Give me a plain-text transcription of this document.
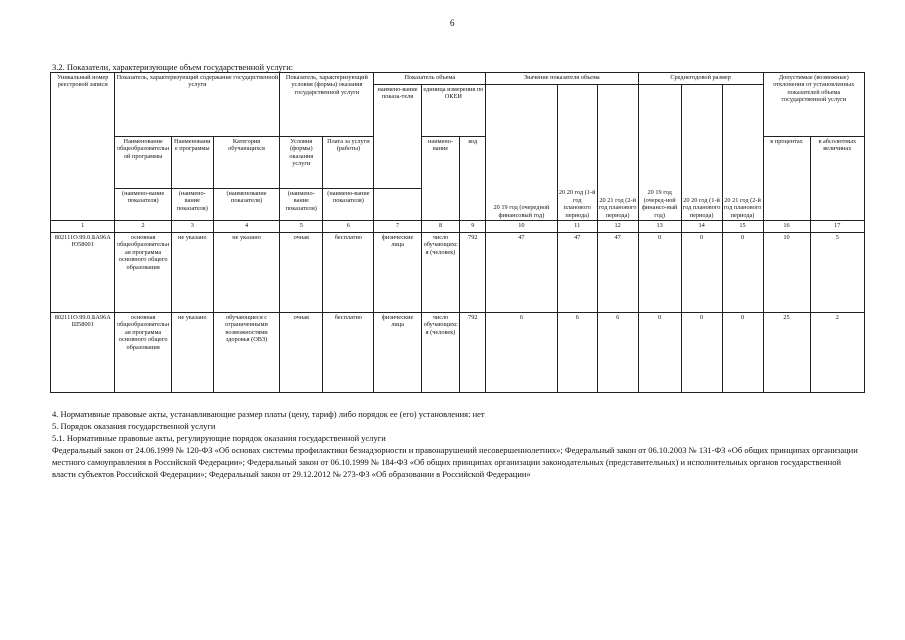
6
3.2. Показатели, характеризующие объем государственной услуги:
Уникальный номер реестровой записи	Показатель, характеризующий содержание государственной услуги			Показатель, характеризующий условия (формы) оказания государственной услуги		Показатель объема			Значение показателя объема			Среднегодовой размер			Допустимые (возможные) отклонения от установленных показателей объема государственной услуги	
						наимено-вание показа-теля	единица измерения по ОКЕИ		20 19 год (очередной финансовый год)	20 20 год (1-й год планового периода)	20 21 год (2-й год планового периода)	20 19 год (очеред-ной финансо-вый год)	20 20 год (1-й год планового периода)	20 21 год (2-й год планового периода)		
	Наименование общеобразовательной программы	Наименование программы	Категория обучающихся	Условия (формы) оказания услуги	Плата за услуги (работы)		наимено-вание	код							в процентах	в абсолютных величинах
	(наимено-вание показателя)	(наимено-вание показателя)	(наименование показателя)	(наимено-вание показателя)	(наимено-вание показателя)											
1	2	3	4	5	6	7	8	9	10	11	12	13	14	15	16	17
802111О.99.0.БА96АЮ58001	основная общеобразовательная программа основного общего образования	не указано	не указано	очная	бесплатно	физические лица	число обучающихся (человек)	792	47	47	47	0	0	0	10	5
802111О.99.0.БА96АШ58001	основная общеобразовательная программа основного общего образования	не указано	обучающиеся с ограниченными возможностями здоровья (ОВЗ)	очная	бесплатно	физические лица	число обучающихся (человек)	792	6	6	6	0	0	0	25	2

4. Нормативные правовые акты, устанавливающие размер платы (цену, тариф) либо порядок ее (его) установления: нет

5. Порядок оказания государственной услуги

5.1. Нормативные правовые акты, регулирующие порядок оказания государственной услуги

Федеральный закон от 24.06.1999 № 120-ФЗ «Об основах системы профилактики безнадзорности и правонарушений несовершеннолетних»; Федеральный закон от 06.10.2003 № 131-ФЗ «Об общих принципах организации местного самоуправления в Российской Федерации»; Федеральный закон от 06.10.1999 № 184-ФЗ «Об общих принципах организации законодательных (представительных) и исполнительных органов государственной власти субъектов Российской Федерации»; Федеральный закон от 29.12.2012 № 273-ФЗ «Об образовании в Российской Федерации»
